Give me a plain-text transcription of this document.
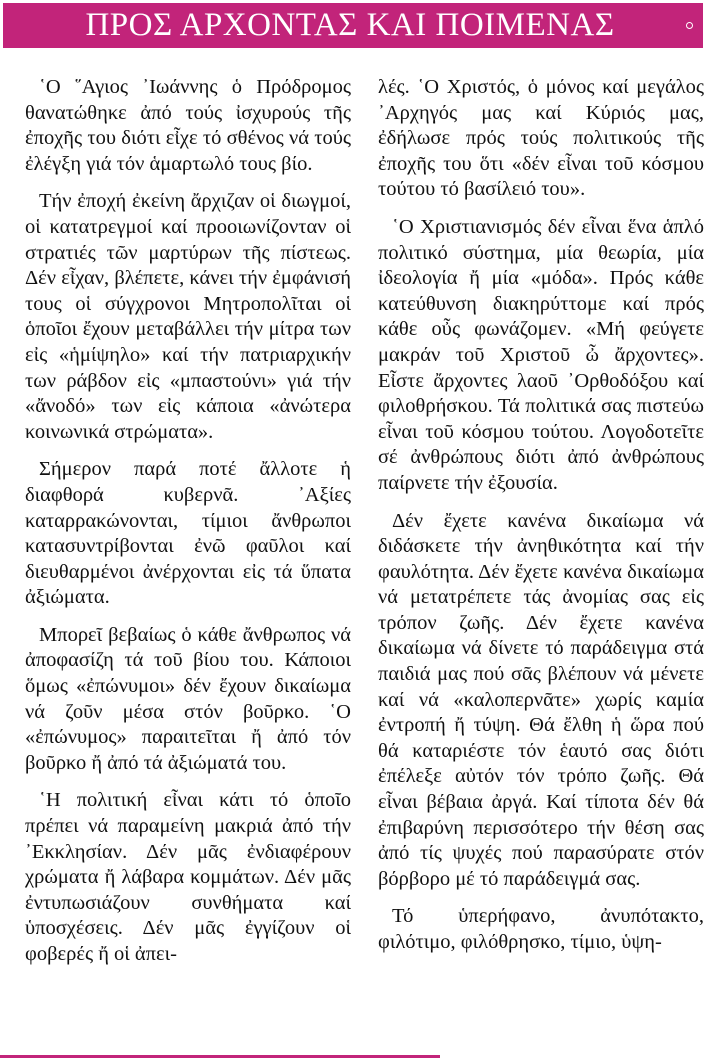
ΠΡΟΣ ΑΡΧΟΝΤΑΣ ΚΑΙ ΠΟΙΜΕΝΑΣ

῾Ο ῞Αγιος ᾿Ιωάννης ὁ Πρόδρομος θανατώθηκε ἀπό τούς ἰσχυρούς τῆς ἐποχῆς του διότι εἶχε τό σθένος νά τούς ἐλέγξη γιά τόν ἁμαρτωλό τους βίο.

Τήν ἐποχή ἐκείνη ἄρχιζαν οἱ διωγμοί, οἱ κατατρεγμοί καί προοιωνίζονταν οἱ στρατιές τῶν μαρτύρων τῆς πίστεως. Δέν εἶχαν, βλέπετε, κάνει τήν ἐμφάνισή τους οἱ σύγχρονοι Μητροπολῖται οἱ ὁποῖοι ἔχουν μεταβάλλει τήν μίτρα των εἰς «ἡμίψηλο» καί τήν πατριαρχικήν των ράβδον εἰς «μπαστούνι» γιά τήν «ἄνοδό» των εἰς κάποια «ἀνώτερα κοινωνικά στρώματα».

Σήμερον παρά ποτέ ἄλλοτε ἡ διαφθορά κυβερνᾶ. ᾿Αξίες καταρρακώνονται, τίμιοι ἄνθρωποι κατασυντρίβονται ἐνῶ φαῦλοι καί διευθαρμένοι ἀνέρχονται εἰς τά ὕπατα ἀξιώματα.

Μπορεῖ βεβαίως ὁ κάθε ἄνθρωπος νά ἀποφασίζη τά τοῦ βίου του. Κάποιοι ὅμως «ἐπώνυμοι» δέν ἔχουν δικαίωμα νά ζοῦν μέσα στόν βοῦρκο. ῾Ο «ἐπώνυμος» παραιτεῖται ἤ ἀπό τόν βοῦρκο ἤ ἀπό τά ἀξιώματά του.

῾Η πολιτική εἶναι κάτι τό ὁποῖο πρέπει νά παραμείνη μακριά ἀπό τήν ᾿Εκκλησίαν. Δέν μᾶς ἐνδιαφέρουν χρώματα ἤ λάβαρα κομμάτων. Δέν μᾶς ἐντυπωσιάζουν συνθήματα καί ὑποσχέσεις. Δέν μᾶς ἐγγίζουν οἱ φοβερές ἤ οἱ ἀπει-

λές. ῾Ο Χριστός, ὁ μόνος καί μεγάλος ᾿Αρχηγός μας καί Κύριός μας, ἐδήλωσε πρός τούς πολιτικούς τῆς ἐποχῆς του ὅτι «δέν εἶναι τοῦ κόσμου τούτου τό βασίλειό του».

῾Ο Χριστιανισμός δέν εἶναι ἕνα ἁπλό πολιτικό σύστημα, μία θεωρία, μία ἰδεολογία ἤ μία «μόδα». Πρός κάθε κατεύθυνση διακηρύττομε καί πρός κάθε οὖς φωνάζομεν. «Μή φεύγετε μακράν τοῦ Χριστοῦ ὦ ἄρχοντες». Εἶστε ἄρχοντες λαοῦ ᾿Ορθοδόξου καί φιλοθρήσκου. Τά πολιτικά σας πιστεύω εἶναι τοῦ κόσμου τούτου. Λογοδοτεῖτε σέ ἀνθρώπους διότι ἀπό ἀνθρώπους παίρνετε τήν ἐξουσία.

Δέν ἔχετε κανένα δικαίωμα νά διδάσκετε τήν ἀνηθικότητα καί τήν φαυλότητα. Δέν ἔχετε κανένα δικαίωμα νά μετατρέπετε τάς ἀνομίας σας εἰς τρόπον ζωῆς. Δέν ἔχετε κανένα δικαίωμα νά δίνετε τό παράδειγμα στά παιδιά μας πού σᾶς βλέπουν νά μένετε καί νά «καλοπερνᾶτε» χωρίς καμία ἐντροπή ἤ τύψη. Θά ἔλθη ἡ ὥρα πού θά καταριέστε τόν ἑαυτό σας διότι ἐπέλεξε αὐτόν τόν τρόπο ζωῆς. Θά εἶναι βέβαια ἀργά. Καί τίποτα δέν θά ἐπιβαρύνη περισσότερο τήν θέση σας ἀπό τίς ψυχές πού παρασύρατε στόν βόρβορο μέ τό παράδειγμά σας.

Τό ὑπερήφανο, ἀνυπότακτο, φιλότιμο, φιλόθρησκο, τίμιο, ὑψη-
